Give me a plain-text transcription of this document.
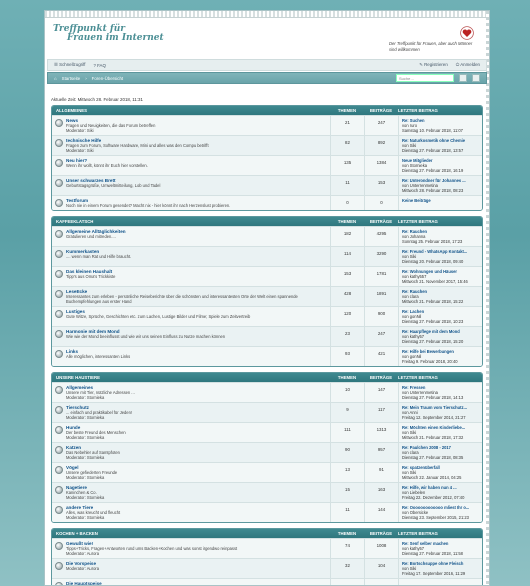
Treffpunkt für
Frauen im Internet
Der Treffpunkt für Frauen, aber auch Männer sind willkommen
☰ Schnellzugriff ? FAQ	✎ Registrieren ⏻ Anmelden
⌂ Startseite › Foren-Übersicht	Suche…
Aktuelle Zeit: Mittwoch 28. Februar 2018, 11:31
ALLGEMEINES	THEMEN	BEITRÄGE	LETZTER BEITRAG
News
Fragen und Neuigkeiten, die das Forum betreffen
Moderator: Siki
21	247	Re: Suchen
von ruro
Samstag 10. Februar 2018, 11:07
technische Hilfe
Fragen zum Forum, Software Hardware, Mini und alles was den Compu betrifft
Moderator: Siki
82	892	Re: Naturkosmetik ohne Chemie
von Siki
Dienstag 27. Februar 2018, 13:57
Neu hier?
Wenn ihr wollt, könnt ihr Euch hier vorstellen.
135	1384	Neue Mitglieder
von Stornieka
Dienstag 27. Februar 2018, 16:19
Unser schwarzes Brett
Geburtstagsgrüße, Umweltmitteilung, Lob und Tadel
11	153	Re: Unterondner für Johannes ...
von Unterrenmetina
Mittwoch 28. Februar 2018, 08:23
Testforum
Noch nie in einem Forum gesendet? Macht nix - hier könnt ihr nach Herzenslust probieren.
0	0	Keine Beiträge
KAFFEEKLATSCH	THEMEN	BEITRÄGE	LETZTER BEITRAG
Allgemeine Alltäglichkeiten
Gratulieren und mitreden....
182	4295	Re: Rauchen
von Johanna
Sonntag 25. Februar 2018, 17:23
Kummerkasten
.... wenn man Rat und Hilfe braucht.
114	3290	Re: Freund - WhatsApp Kontakt...
von Siki
Dienstag 20. Februar 2018, 09:40
Das kleinen Haushalt
Tipp's aus Oma's Trickkiste
153	1781	Re: Wohnungen und Häuser
von kathy557
Mittwoch 21. November 2017, 15:46
LeseEcke
Interessantes zum erleben - persönliche Reiseberichte über die schönsten und interessantesten Orte der Welt einen spannende Buchempfehlungen aus erster Hand
428	1891	Re: Rauchen
von clara
Mittwoch 21. Februar 2018, 15:22
Lustiges
Gute Witze, Sprüche, Geschichten etc. zum Lachen, Lustige Bilder und Filme; Spiele zum Zeitvertreib
120	900	Re: Lachen
von gonNil
Dienstag 27. Februar 2018, 10:23
Harmonie mit dem Mond
Wie wie der Mond beeinflusst und wie wir uns seinen Einfluss zu Nutze machen können
23	247	Re: Haarpflege mit dem Mond
von kathy57
Dienstag 27. Februar 2018, 15:20
Links
Alle möglichen, interessanten Links
93	421	Re: Hilfe bei Bewerbungen
von gonNil
Freitag 9. Februar 2018, 20:40
UNSERE HAUSTIERE	THEMEN	BEITRÄGE	LETZTER BEITRAG
Allgemeines
Unsere mit Tier, nützliche Adressen ...
Moderator: Stornieka
10	147	Re: Fressen
von Unterrenmetina
Dienstag 27. Februar 2018, 14:13
Tierschutz
... einfach und praktikabel für Jeden!
Moderator: Stornieka
9	117	Re: Mein Traum vom Tierschutz...
von Anni
Freitag 12. September 2014, 21:27
Hunde
Der beste Freund des Menschen
Moderator: Stornieka
111	1313	Re: Möchten einen Kinderliebe...
von Siki
Mittwoch 21. Februar 2018, 17:32
Katzen
Das Nebehler auf Samtpfoten
Moderator: Stornieka
90	957	Re: Paulchen 2008 - 2017
von clara
Dienstag 27. Februar 2018, 08:35
Vögel
Unsere gefiederten Freunde
Moderator: Stornieka
13	91	Re: spatzenüberfall
von Siki
Mittwoch 22. Januar 2014, 04:25
Nagetiere
Kaninchen & Co.
Moderator: Stornieka
15	163	Re: Hilfe, wir haben nun 4 ...
von Liebelen
Freitag 22. Dezember 2012, 07:40
andere Tiere
Alles, was kreucht und fleucht
Moderator: Stornieka
11	144	Re: Ooooooooooooo mliest Ihr o...
von Obersicke
Dienstag 23. September 2015, 21:23
KOCHEN + BACKEN	THEMEN	BEITRÄGE	LETZTER BEITRAG
Gewußt wie!
Tipps+Tricks, Fragen+Antworten rund ums Backen+Kochen und was sonst irgendwo reinpasst
Moderator: Aurora
74	1008	Re: Senf selber machen
von kathy57
Dienstag 27. Februar 2018, 11:58
Die Vorspeise
Moderator: Aurora
32	104	Re: Bortschsuppe ohne Fleisch
von Siki
Freitag 17. September 2016, 11:29
Die Hauptspeise
